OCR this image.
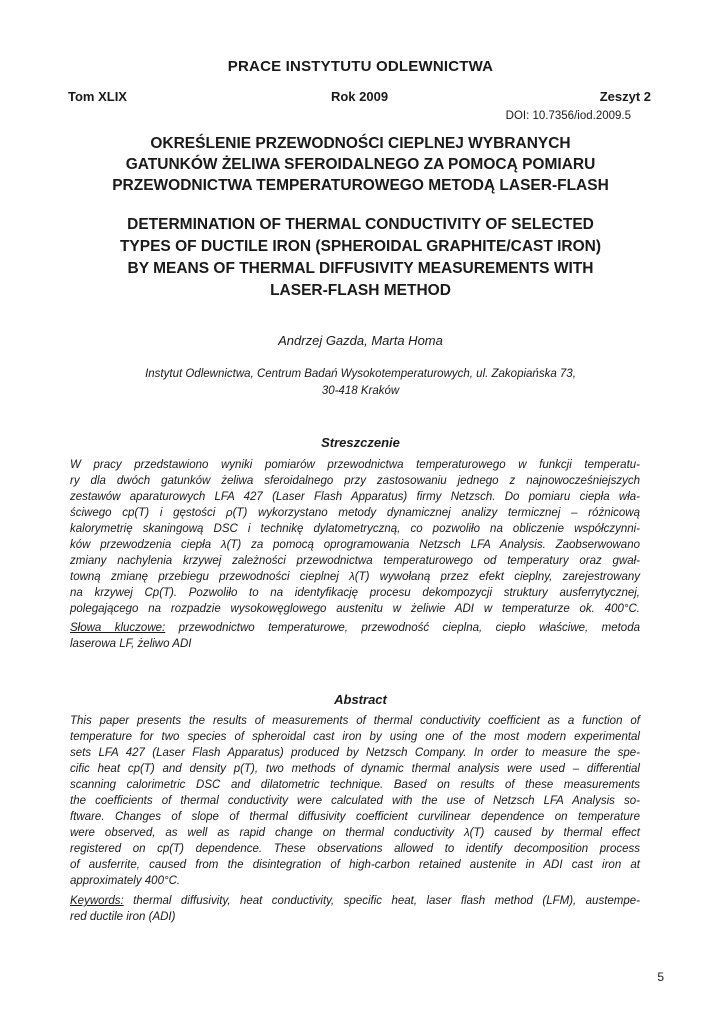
PRACE INSTYTUTU ODLEWNICTWA
Tom XLIX	Rok 2009	Zeszyt 2
DOI: 10.7356/iod.2009.5
OKREŚLENIE PRZEWODNOŚCI CIEPLNEJ WYBRANYCH
GATUNKÓW ŻELIWA SFEROIDALNEGO ZA POMOCĄ POMIARU
PRZEWODNICTWA TEMPERATUROWEGO METODĄ LASER-FLASH
DETERMINATION OF THERMAL CONDUCTIVITY OF SELECTED
TYPES OF DUCTILE IRON (SPHEROIDAL GRAPHITE/CAST IRON)
BY MEANS OF THERMAL DIFFUSIVITY MEASUREMENTS WITH
LASER-FLASH METHOD
Andrzej Gazda, Marta Homa
Instytut Odlewnictwa, Centrum Badań Wysokotemperaturowych, ul. Zakopiańska 73,
30-418 Kraków
Streszczenie
W pracy przedstawiono wyniki pomiarów przewodnictwa temperaturowego w funkcji temperatu-
ry dla dwóch gatunków żeliwa sferoidalnego przy zastosowaniu jednego z najnowocześniejszych
zestawów aparaturowych LFA 427 (Laser Flash Apparatus) firmy Netzsch. Do pomiaru ciepła wła-
ściwego cp(T) i gęstości ρ(T) wykorzystano metody dynamicznej analizy termicznej – różnicową
kalorymetrię skaningową DSC i technikę dylatometryczną, co pozwoliło na obliczenie współczynni-
ków przewodzenia ciepła λ(T) za pomocą oprogramowania Netzsch LFA Analysis. Zaobserwowano
zmiany nachylenia krzywej zależności przewodnictwa temperaturowego od temperatury oraz gwał-
towną zmianę przebiegu przewodności cieplnej λ(T) wywołaną przez efekt cieplny, zarejestrowany
na krzywej Cp(T). Pozwoliło to na identyfikację procesu dekompozycji struktury ausferrytycznej,
polegającego na rozpadzie wysokowęglowego austenitu w żeliwie ADI w temperaturze ok. 400°C.
Słowa kluczowe: przewodnictwo temperaturowe, przewodność cieplna, ciepło właściwe, metoda
laserowa LF, żeliwo ADI
Abstract
This paper presents the results of measurements of thermal conductivity coefficient as a function of
temperature for two species of spheroidal cast iron by using one of the most modern experimental
sets LFA 427 (Laser Flash Apparatus) produced by Netzsch Company. In order to measure the spe-
cific heat cp(T) and density p(T), two methods of dynamic thermal analysis were used – differential
scanning calorimetric DSC and dilatometric technique. Based on results of these measurements
the coefficients of thermal conductivity were calculated with the use of Netzsch LFA Analysis so-
ftware. Changes of slope of thermal diffusivity coefficient curvilinear dependence on temperature
were observed, as well as rapid change on thermal conductivity λ(T) caused by thermal effect
registered on cp(T) dependence. These observations allowed to identify decomposition process
of ausferrite, caused from the disintegration of high-carbon retained austenite in ADI cast iron at
approximately 400°C.
Keywords: thermal diffusivity, heat conductivity, specific heat, laser flash method (LFM), austempe-
red ductile iron (ADI)
5
